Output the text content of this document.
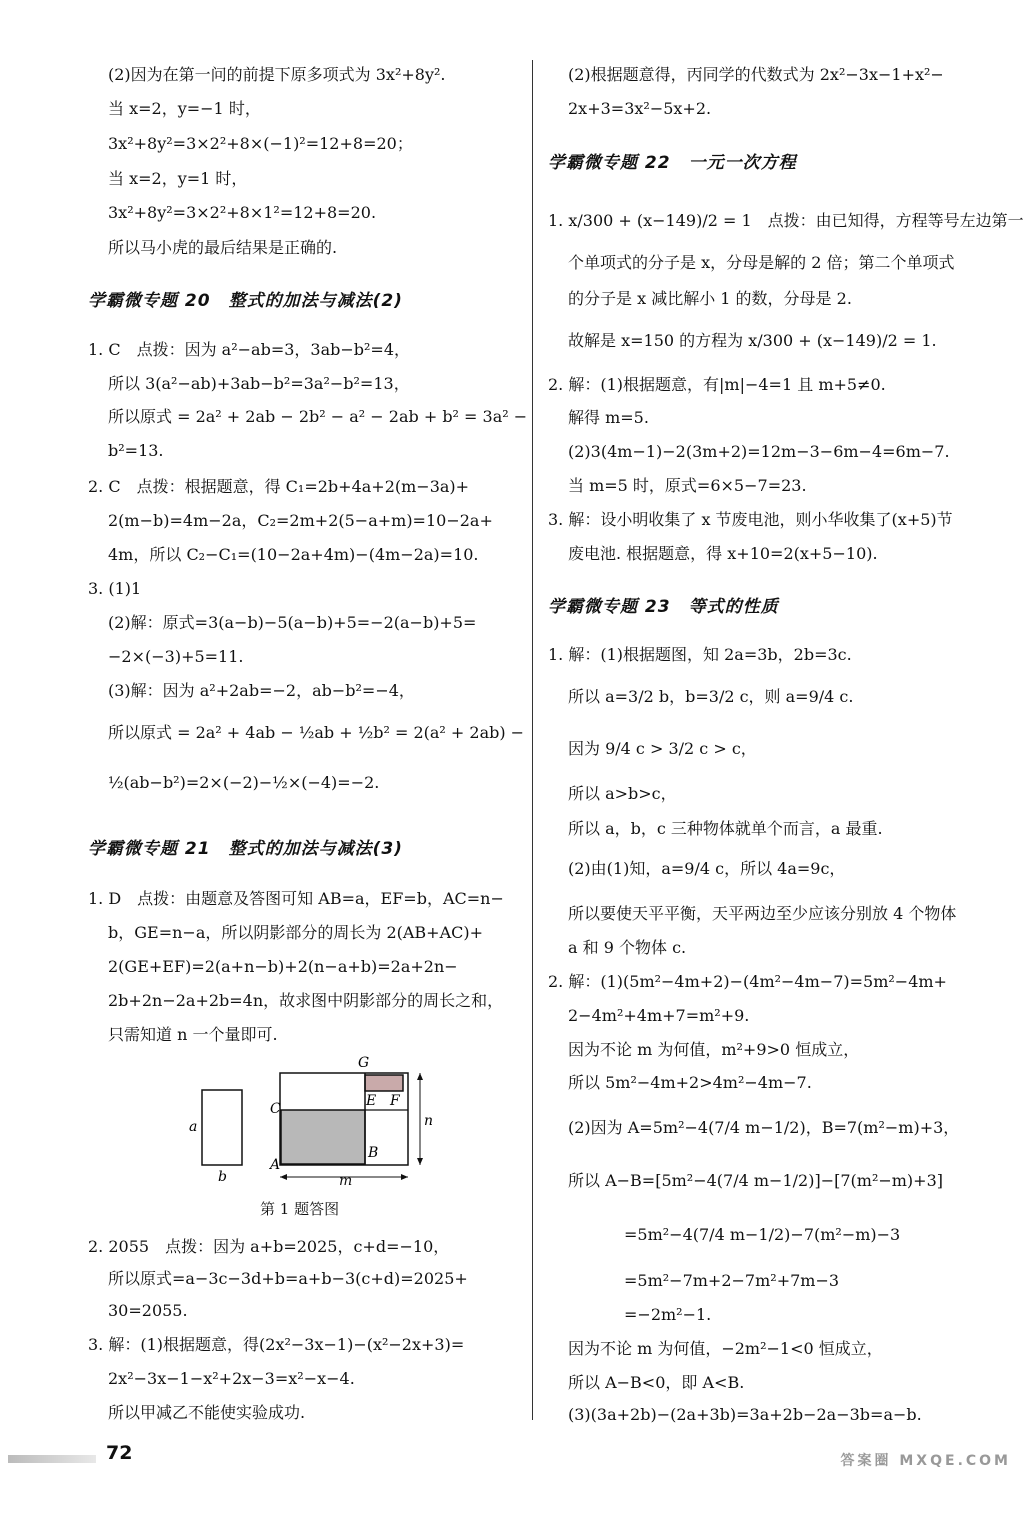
(2)因为在第一问的前提下原多项式为 3x²+8y².
当 x=2，y=−1 时，
3x²+8y²=3×2²+8×(−1)²=12+8=20；
当 x=2，y=1 时，
3x²+8y²=3×2²+8×1²=12+8=20.
所以马小虎的最后结果是正确的.
学霸微专题 20　整式的加法与减法(2)
1. C　点拨：因为 a²−ab=3，3ab−b²=4，
所以 3(a²−ab)+3ab−b²=3a²−b²=13，
所以原式 = 2a² + 2ab − 2b² − a² − 2ab + b² = 3a² −
b²=13.
2. C　点拨：根据题意，得 C₁=2b+4a+2(m−3a)+
2(m−b)=4m−2a，C₂=2m+2(5−a+m)=10−2a+
4m，所以 C₂−C₁=(10−2a+4m)−(4m−2a)=10.
3. (1)1
(2)解：原式=3(a−b)−5(a−b)+5=−2(a−b)+5=
−2×(−3)+5=11.
(3)解：因为 a²+2ab=−2，ab−b²=−4，
所以原式 = 2a² + 4ab − ½ab + ½b² = 2(a² + 2ab) −
½(ab−b²)=2×(−2)−½×(−4)=−2.
学霸微专题 21　整式的加法与减法(3)
1. D　点拨：由题意及答图可知 AB=a，EF=b，AC=n−
b，GE=n−a，所以阴影部分的周长为 2(AB+AC)+
2(GE+EF)=2(a+n−b)+2(n−a+b)=2a+2n−
2b+2n−2a+2b=4n，故求图中阴影部分的周长之和，
只需知道 n 一个量即可.
a
b
C
A
G
E F
B
m
n
第 1 题答图
2. 2055　点拨：因为 a+b=2025，c+d=−10，
所以原式=a−3c−3d+b=a+b−3(c+d)=2025+
30=2055.
3. 解：(1)根据题意，得(2x²−3x−1)−(x²−2x+3)=
2x²−3x−1−x²+2x−3=x²−x−4.
所以甲减乙不能使实验成功.
(2)根据题意得，丙同学的代数式为 2x²−3x−1+x²−
2x+3=3x²−5x+2.
学霸微专题 22　一元一次方程
1. x/300 + (x−149)/2 = 1　点拨：由已知得，方程等号左边第一
个单项式的分子是 x，分母是解的 2 倍；第二个单项式
的分子是 x 减比解小 1 的数，分母是 2.
故解是 x=150 的方程为 x/300 + (x−149)/2 = 1.
2. 解：(1)根据题意，有|m|−4=1 且 m+5≠0.
解得 m=5.
(2)3(4m−1)−2(3m+2)=12m−3−6m−4=6m−7.
当 m=5 时，原式=6×5−7=23.
3. 解：设小明收集了 x 节废电池，则小华收集了(x+5)节
废电池. 根据题意，得 x+10=2(x+5−10).
学霸微专题 23　等式的性质
1. 解：(1)根据题图，知 2a=3b，2b=3c.
所以 a=3/2 b，b=3/2 c，则 a=9/4 c.
因为 9/4 c > 3/2 c > c，
所以 a>b>c，
所以 a，b，c 三种物体就单个而言，a 最重.
(2)由(1)知，a=9/4 c，所以 4a=9c，
所以要使天平平衡，天平两边至少应该分别放 4 个物体
a 和 9 个物体 c.
2. 解：(1)(5m²−4m+2)−(4m²−4m−7)=5m²−4m+
2−4m²+4m+7=m²+9.
因为不论 m 为何值，m²+9>0 恒成立，
所以 5m²−4m+2>4m²−4m−7.
(2)因为 A=5m²−4(7/4 m−1/2)，B=7(m²−m)+3，
所以 A−B=[5m²−4(7/4 m−1/2)]−[7(m²−m)+3]
=5m²−4(7/4 m−1/2)−7(m²−m)−3
=5m²−7m+2−7m²+7m−3
=−2m²−1.
因为不论 m 为何值，−2m²−1<0 恒成立，
所以 A−B<0，即 A<B.
(3)(3a+2b)−(2a+3b)=3a+2b−2a−3b=a−b.
72	答案圈 MXQE.COM
